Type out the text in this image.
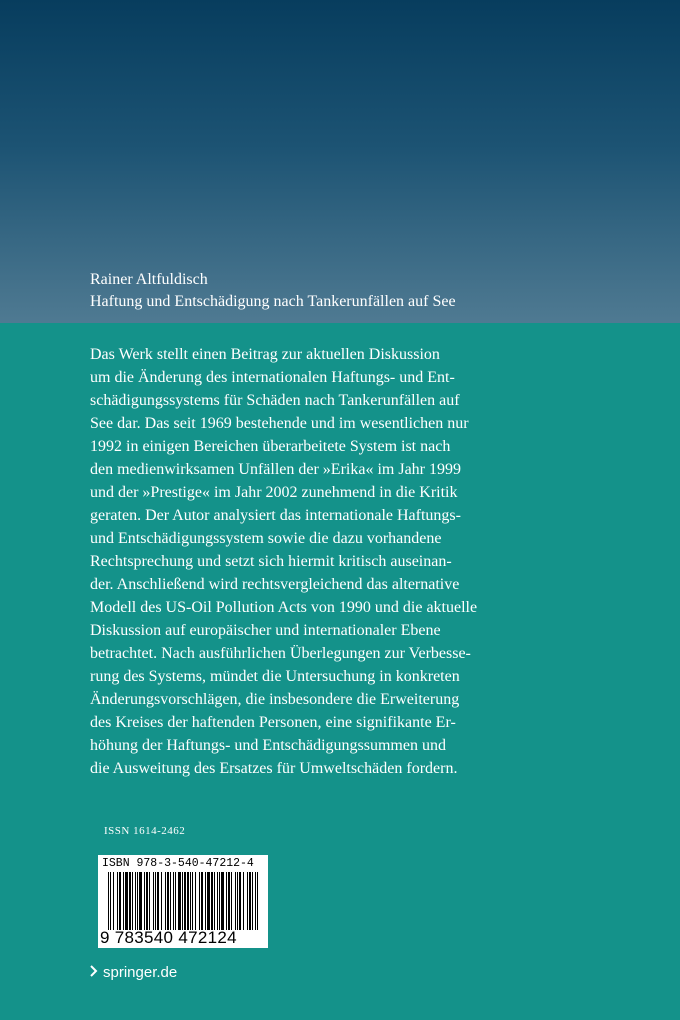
Rainer Altfuldisch
Haftung und Entschädigung nach Tankerunfällen auf See
Das Werk stellt einen Beitrag zur aktuellen Diskussion
um die Änderung des internationalen Haftungs- und Ent-
schädigungssystems für Schäden nach Tankerunfällen auf
See dar. Das seit 1969 bestehende und im wesentlichen nur
1992 in einigen Bereichen überarbeitete System ist nach
den medienwirksamen Unfällen der »Erika« im Jahr 1999
und der »Prestige« im Jahr 2002 zunehmend in die Kritik
geraten. Der Autor analysiert das internationale Haftungs-
und Entschädigungssystem sowie die dazu vorhandene
Rechtsprechung und setzt sich hiermit kritisch auseinan-
der. Anschließend wird rechtsvergleichend das alternative
Modell des US-Oil Pollution Acts von 1990 und die aktuelle
Diskussion auf europäischer und internationaler Ebene
betrachtet. Nach ausführlichen Überlegungen zur Verbesse-
rung des Systems, mündet die Untersuchung in konkreten
Änderungsvorschlägen, die insbesondere die Erweiterung
des Kreises der haftenden Personen, eine signifikante Er-
höhung der Haftungs- und Entschädigungssummen und
die Ausweitung des Ersatzes für Umweltschäden fordern.
ISSN 1614-2462
ISBN 978-3-540-47212-4
9 783540 472124
springer.de
